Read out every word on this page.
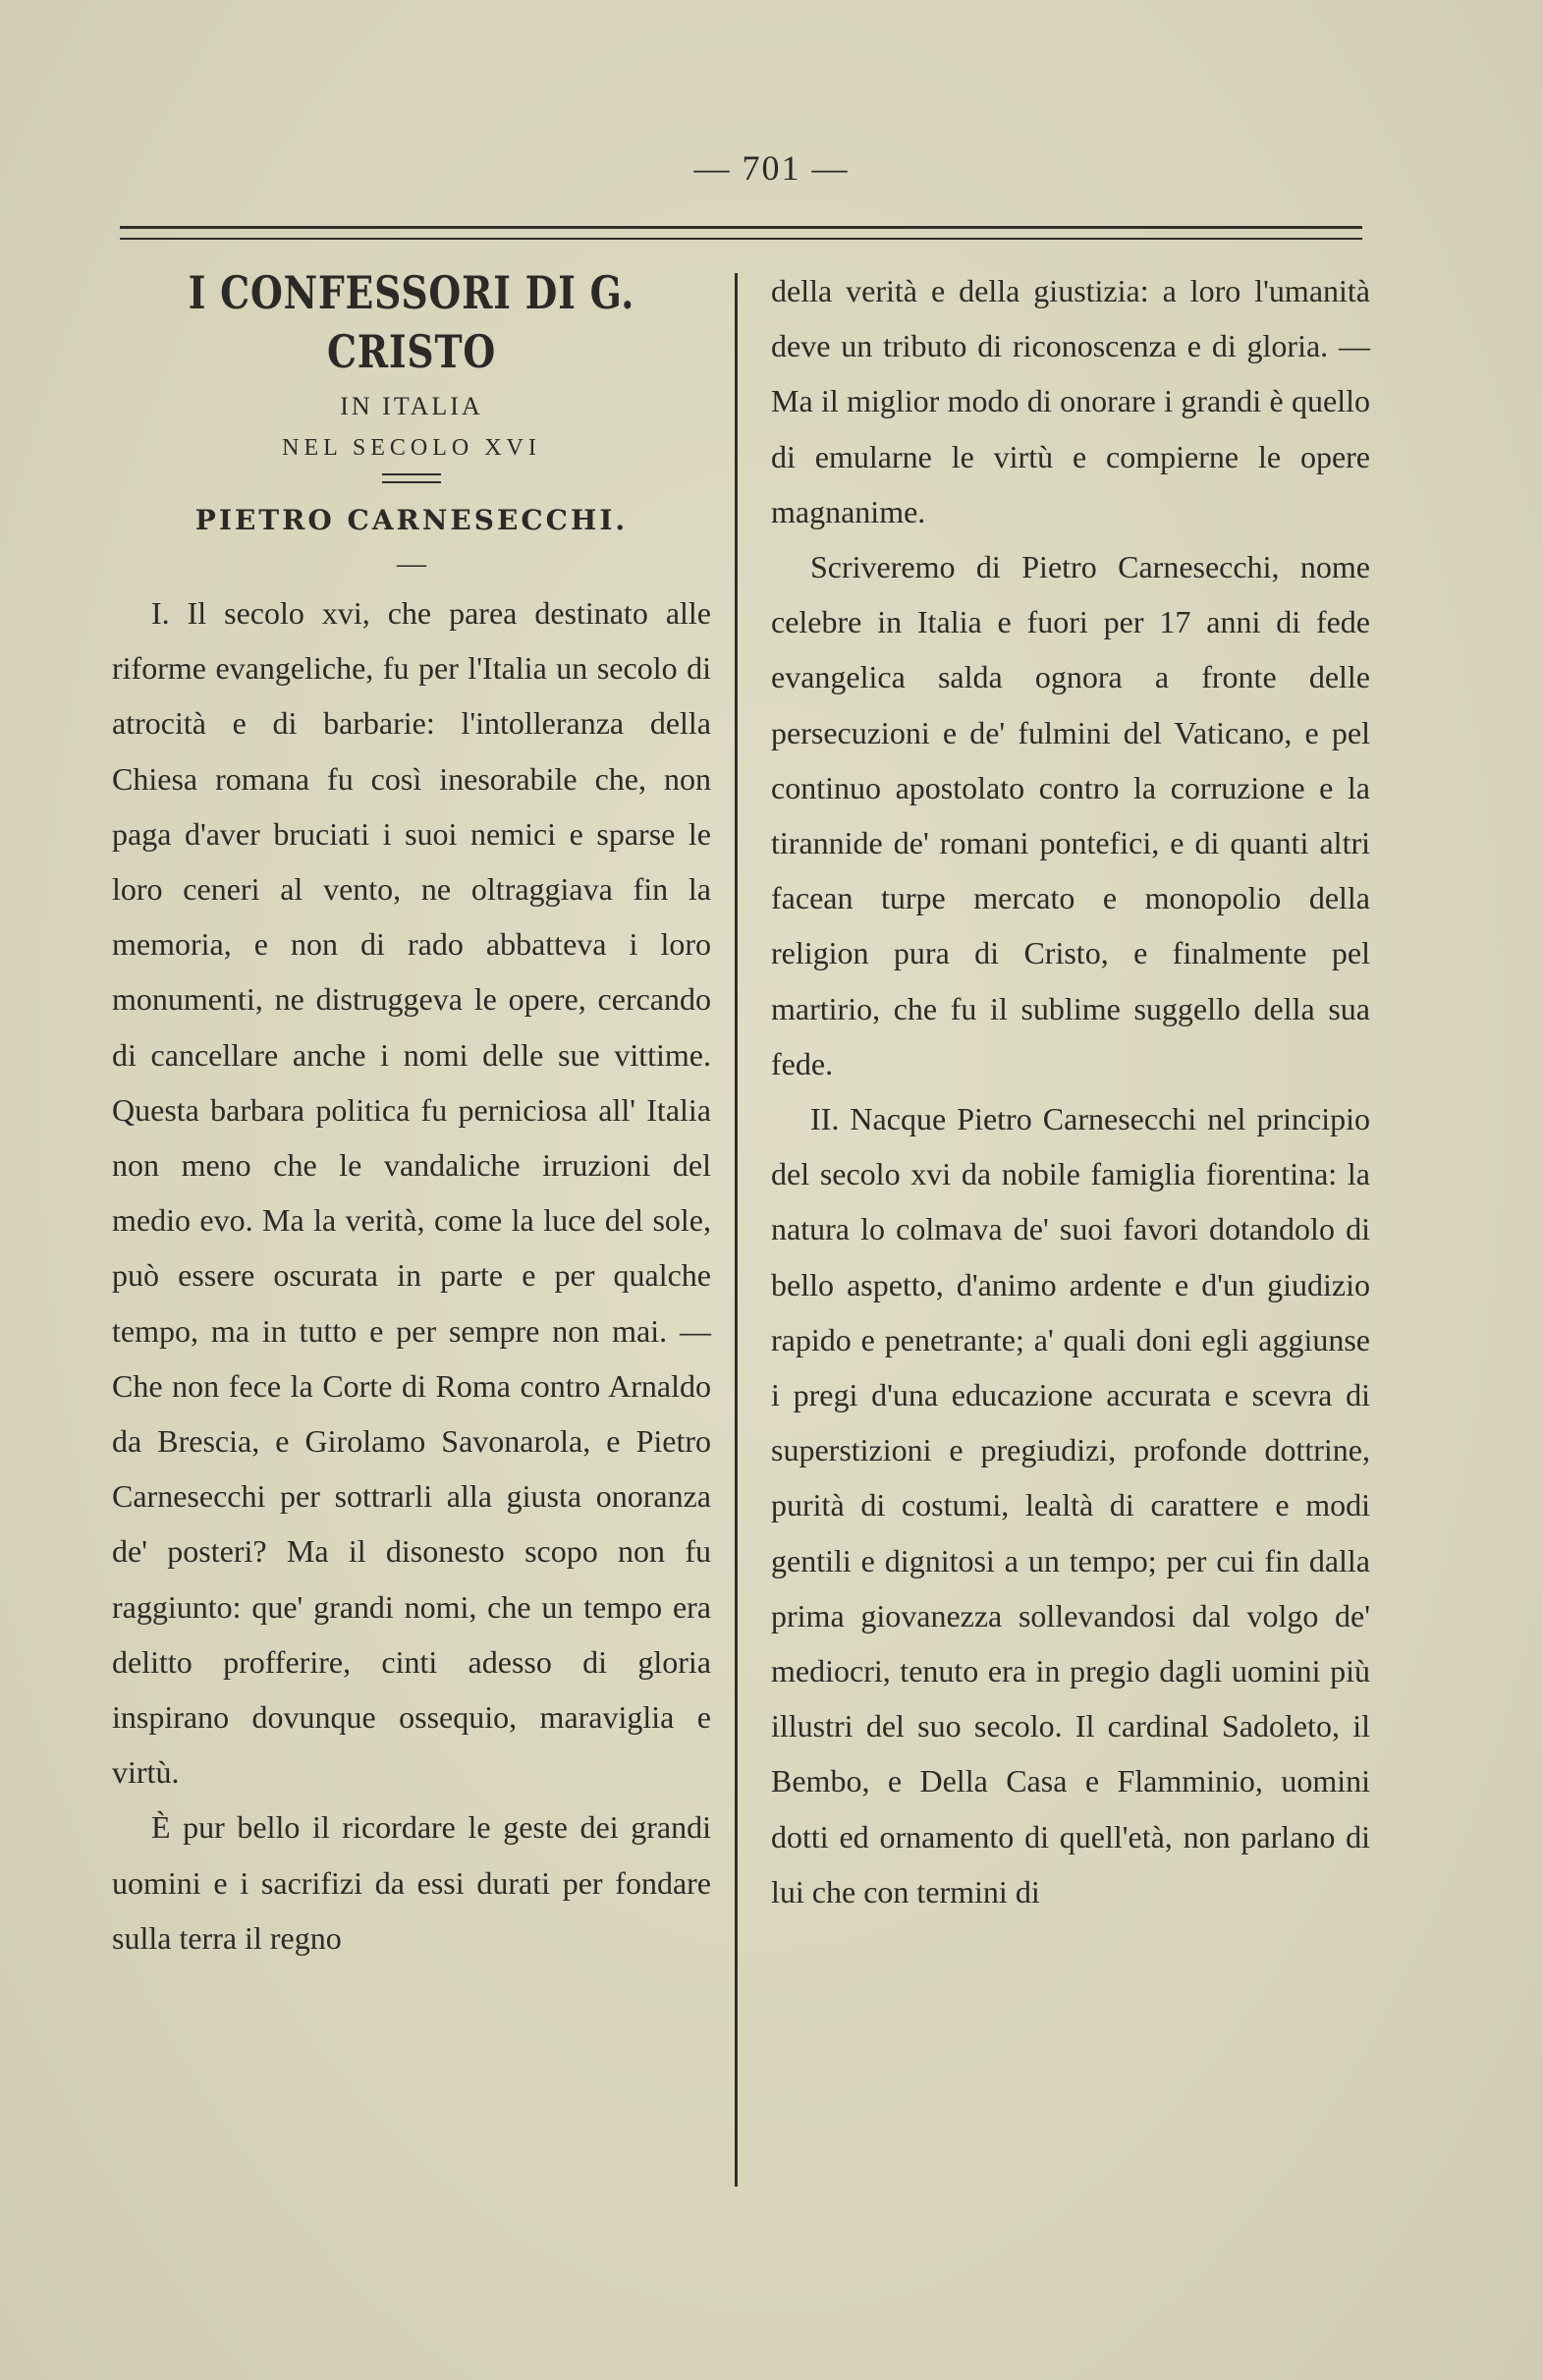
— 701 —
I CONFESSORI DI G. CRISTO
IN ITALIA
NEL SECOLO XVI
PIETRO CARNESECCHI.
—

I. Il secolo xvi, che parea destinato alle riforme evangeliche, fu per l'Italia un secolo di atrocità e di barbarie: l'intolleranza della Chiesa romana fu così inesorabile che, non paga d'aver bruciati i suoi nemici e sparse le loro ceneri al vento, ne oltraggiava fin la memoria, e non di rado abbatteva i loro monumenti, ne distruggeva le opere, cercando di cancellare anche i nomi delle sue vittime. Questa barbara politica fu perniciosa all' Italia non meno che le vandaliche irruzioni del medio evo. Ma la verità, come la luce del sole, può essere oscurata in parte e per qualche tempo, ma in tutto e per sempre non mai. — Che non fece la Corte di Roma contro Arnaldo da Brescia, e Girolamo Savonarola, e Pietro Carnesecchi per sottrarli alla giusta onoranza de' posteri? Ma il disonesto scopo non fu raggiunto: que' grandi nomi, che un tempo era delitto profferire, cinti adesso di gloria inspirano dovunque ossequio, maraviglia e virtù.

È pur bello il ricordare le geste dei grandi uomini e i sacrifizi da essi durati per fondare sulla terra il regno

della verità e della giustizia: a loro l'umanità deve un tributo di riconoscenza e di gloria. — Ma il miglior modo di onorare i grandi è quello di emularne le virtù e compierne le opere magnanime.

Scriveremo di Pietro Carnesecchi, nome celebre in Italia e fuori per 17 anni di fede evangelica salda ognora a fronte delle persecuzioni e de' fulmini del Vaticano, e pel continuo apostolato contro la corruzione e la tirannide de' romani pontefici, e di quanti altri facean turpe mercato e monopolio della religion pura di Cristo, e finalmente pel martirio, che fu il sublime suggello della sua fede.

II. Nacque Pietro Carnesecchi nel principio del secolo xvi da nobile famiglia fiorentina: la natura lo colmava de' suoi favori dotandolo di bello aspetto, d'animo ardente e d'un giudizio rapido e penetrante; a' quali doni egli aggiunse i pregi d'una educazione accurata e scevra di superstizioni e pregiudizi, profonde dottrine, purità di costumi, lealtà di carattere e modi gentili e dignitosi a un tempo; per cui fin dalla prima giovanezza sollevandosi dal volgo de' mediocri, tenuto era in pregio dagli uomini più illustri del suo secolo. Il cardinal Sadoleto, il Bembo, e Della Casa e Flamminio, uomini dotti ed ornamento di quell'età, non parlano di lui che con termini di
